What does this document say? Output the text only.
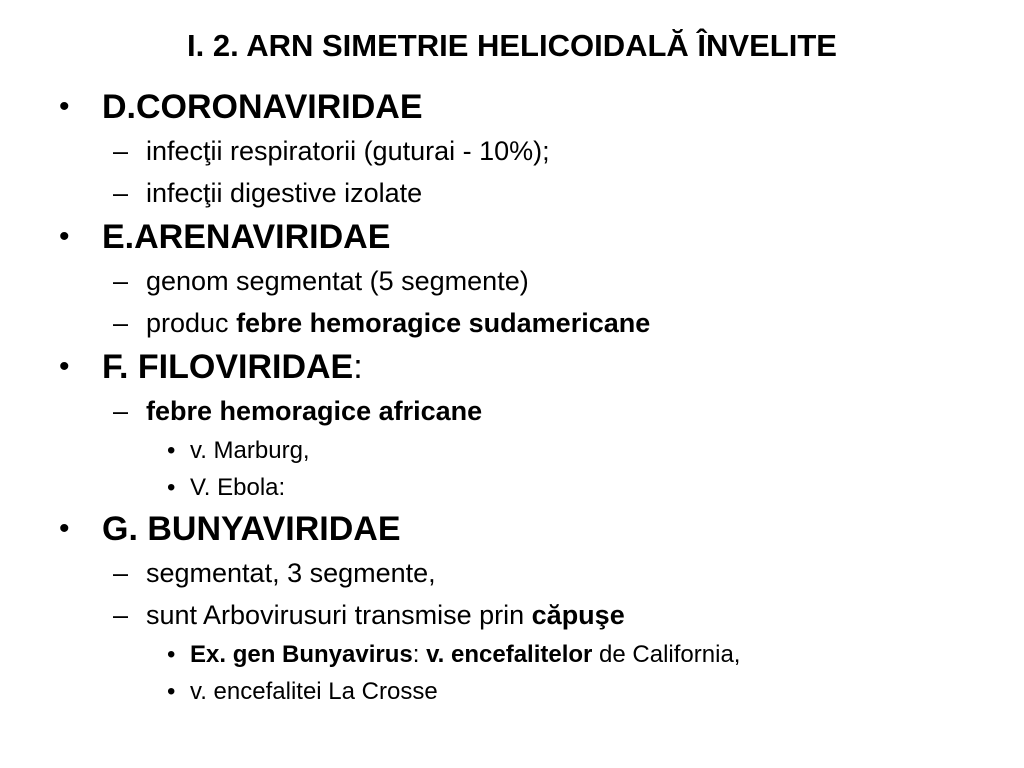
I. 2. ARN SIMETRIE HELICOIDALĂ ÎNVELITE
• D.CORONAVIRIDAE
– infecţii respiratorii (guturai - 10%);
– infecţii digestive izolate
• E.ARENAVIRIDAE
– genom segmentat (5 segmente)
– produc febre hemoragice sudamericane
• F. FILOVIRIDAE:
– febre hemoragice africane
• v. Marburg,
• V. Ebola:
• G. BUNYAVIRIDAE
– segmentat, 3 segmente,
– sunt Arbovirusuri transmise prin căpuşe
• Ex. gen Bunyavirus: v. encefalitelor de California,
• v. encefalitei La Crosse
